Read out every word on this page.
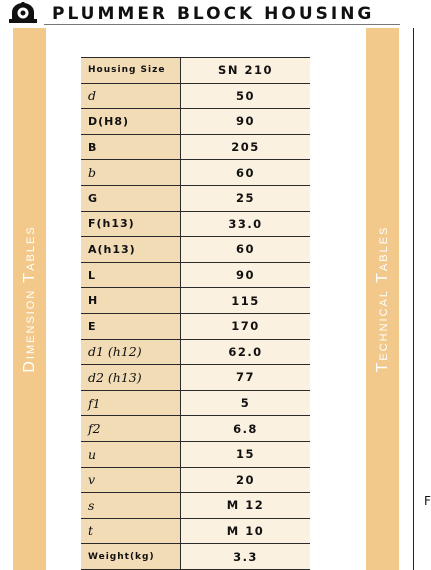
PLUMMER BLOCK HOUSING
Dimension Tables	Technical Tables
F
Housing Size	SN 210
d	50
D(H8)	90
B	205
b	60
G	25
F(h13)	33.0
A(h13)	60
L	90
H	115
E	170
d1 (h12)	62.0
d2 (h13)	77
f1	5
f2	6.8
u	15
v	20
s	M 12
t	M 10
Weight(kg)	3.3
